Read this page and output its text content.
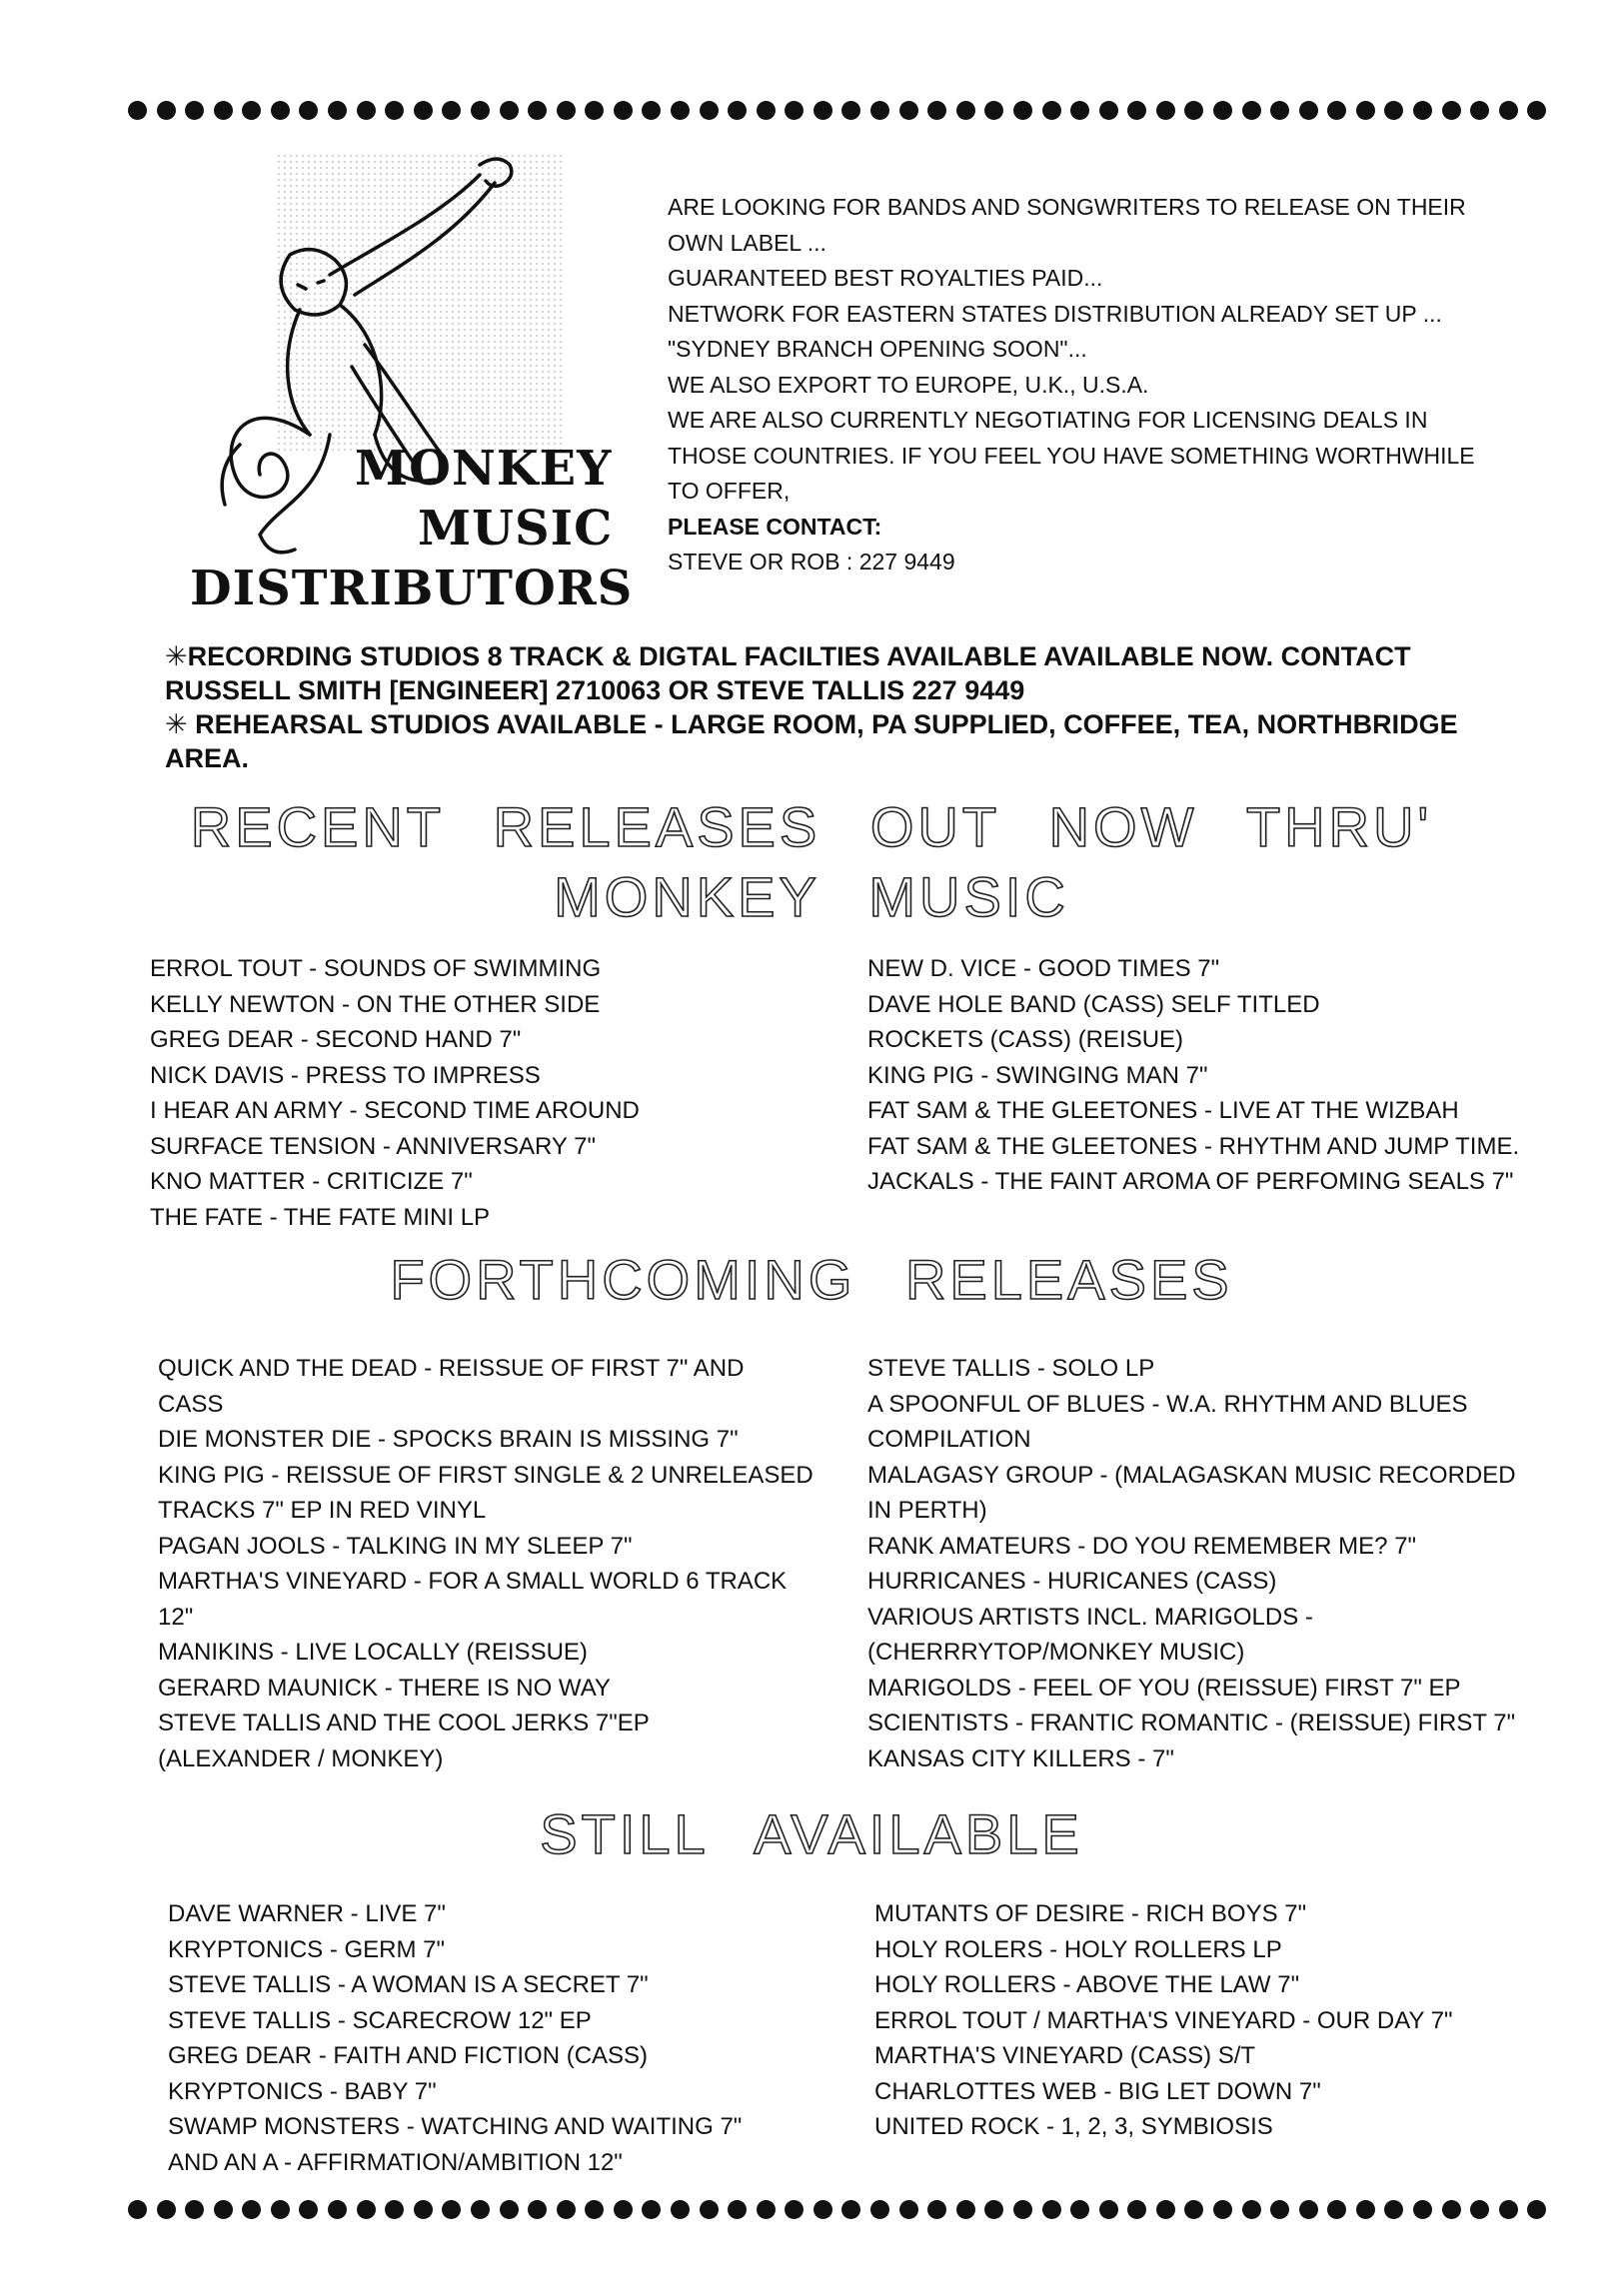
MONKEY
MUSIC
DISTRIBUTORS
ARE LOOKING FOR BANDS AND SONGWRITERS TO RELEASE ON THEIR
OWN LABEL ...
GUARANTEED BEST ROYALTIES PAID...
NETWORK FOR EASTERN STATES DISTRIBUTION ALREADY SET UP ...
"SYDNEY BRANCH OPENING SOON"...
WE ALSO EXPORT TO EUROPE, U.K., U.S.A.
WE ARE ALSO CURRENTLY NEGOTIATING FOR LICENSING DEALS IN
THOSE COUNTRIES. IF YOU FEEL YOU HAVE SOMETHING WORTHWHILE
TO OFFER,
PLEASE CONTACT:
STEVE OR ROB : 227 9449
✳RECORDING STUDIOS 8 TRACK & DIGTAL FACILTIES AVAILABLE AVAILABLE NOW. CONTACT
RUSSELL SMITH [ENGINEER] 2710063 OR STEVE TALLIS 227 9449
✳ REHEARSAL STUDIOS AVAILABLE - LARGE ROOM, PA SUPPLIED, COFFEE, TEA, NORTHBRIDGE
AREA.
RECENT RELEASES OUT NOW THRU'
MONKEY MUSIC
ERROL TOUT - SOUNDS OF SWIMMING
KELLY NEWTON - ON THE OTHER SIDE
GREG DEAR - SECOND HAND 7"
NICK DAVIS - PRESS TO IMPRESS
I HEAR AN ARMY - SECOND TIME AROUND
SURFACE TENSION - ANNIVERSARY 7"
KNO MATTER - CRITICIZE 7"
THE FATE - THE FATE MINI LP
NEW D. VICE - GOOD TIMES 7"
DAVE HOLE BAND (CASS) SELF TITLED
ROCKETS (CASS) (REISUE)
KING PIG - SWINGING MAN 7"
FAT SAM & THE GLEETONES - LIVE AT THE WIZBAH
FAT SAM & THE GLEETONES - RHYTHM AND JUMP TIME.
JACKALS - THE FAINT AROMA OF PERFOMING SEALS 7"
FORTHCOMING RELEASES
QUICK AND THE DEAD - REISSUE OF FIRST 7" AND
CASS
DIE MONSTER DIE - SPOCKS BRAIN IS MISSING 7"
KING PIG - REISSUE OF FIRST SINGLE & 2 UNRELEASED
TRACKS 7" EP IN RED VINYL
PAGAN JOOLS - TALKING IN MY SLEEP 7"
MARTHA'S VINEYARD - FOR A SMALL WORLD 6 TRACK
12"
MANIKINS - LIVE LOCALLY (REISSUE)
GERARD MAUNICK - THERE IS NO WAY
STEVE TALLIS AND THE COOL JERKS 7"EP
(ALEXANDER / MONKEY)
STEVE TALLIS - SOLO LP
A SPOONFUL OF BLUES - W.A. RHYTHM AND BLUES
COMPILATION
MALAGASY GROUP - (MALAGASKAN MUSIC RECORDED
IN PERTH)
RANK AMATEURS - DO YOU REMEMBER ME? 7"
HURRICANES - HURICANES (CASS)
VARIOUS ARTISTS INCL. MARIGOLDS -
(CHERRRYTOP/MONKEY MUSIC)
MARIGOLDS - FEEL OF YOU (REISSUE) FIRST 7" EP
SCIENTISTS - FRANTIC ROMANTIC - (REISSUE) FIRST 7"
KANSAS CITY KILLERS - 7"
STILL AVAILABLE
DAVE WARNER - LIVE 7"
KRYPTONICS - GERM 7"
STEVE TALLIS - A WOMAN IS A SECRET 7"
STEVE TALLIS - SCARECROW 12" EP
GREG DEAR - FAITH AND FICTION (CASS)
KRYPTONICS - BABY 7"
SWAMP MONSTERS - WATCHING AND WAITING 7"
AND AN A - AFFIRMATION/AMBITION 12"
MUTANTS OF DESIRE - RICH BOYS 7"
HOLY ROLERS - HOLY ROLLERS LP
HOLY ROLLERS - ABOVE THE LAW 7"
ERROL TOUT / MARTHA'S VINEYARD - OUR DAY 7"
MARTHA'S VINEYARD (CASS) S/T
CHARLOTTES WEB - BIG LET DOWN 7"
UNITED ROCK - 1, 2, 3, SYMBIOSIS
